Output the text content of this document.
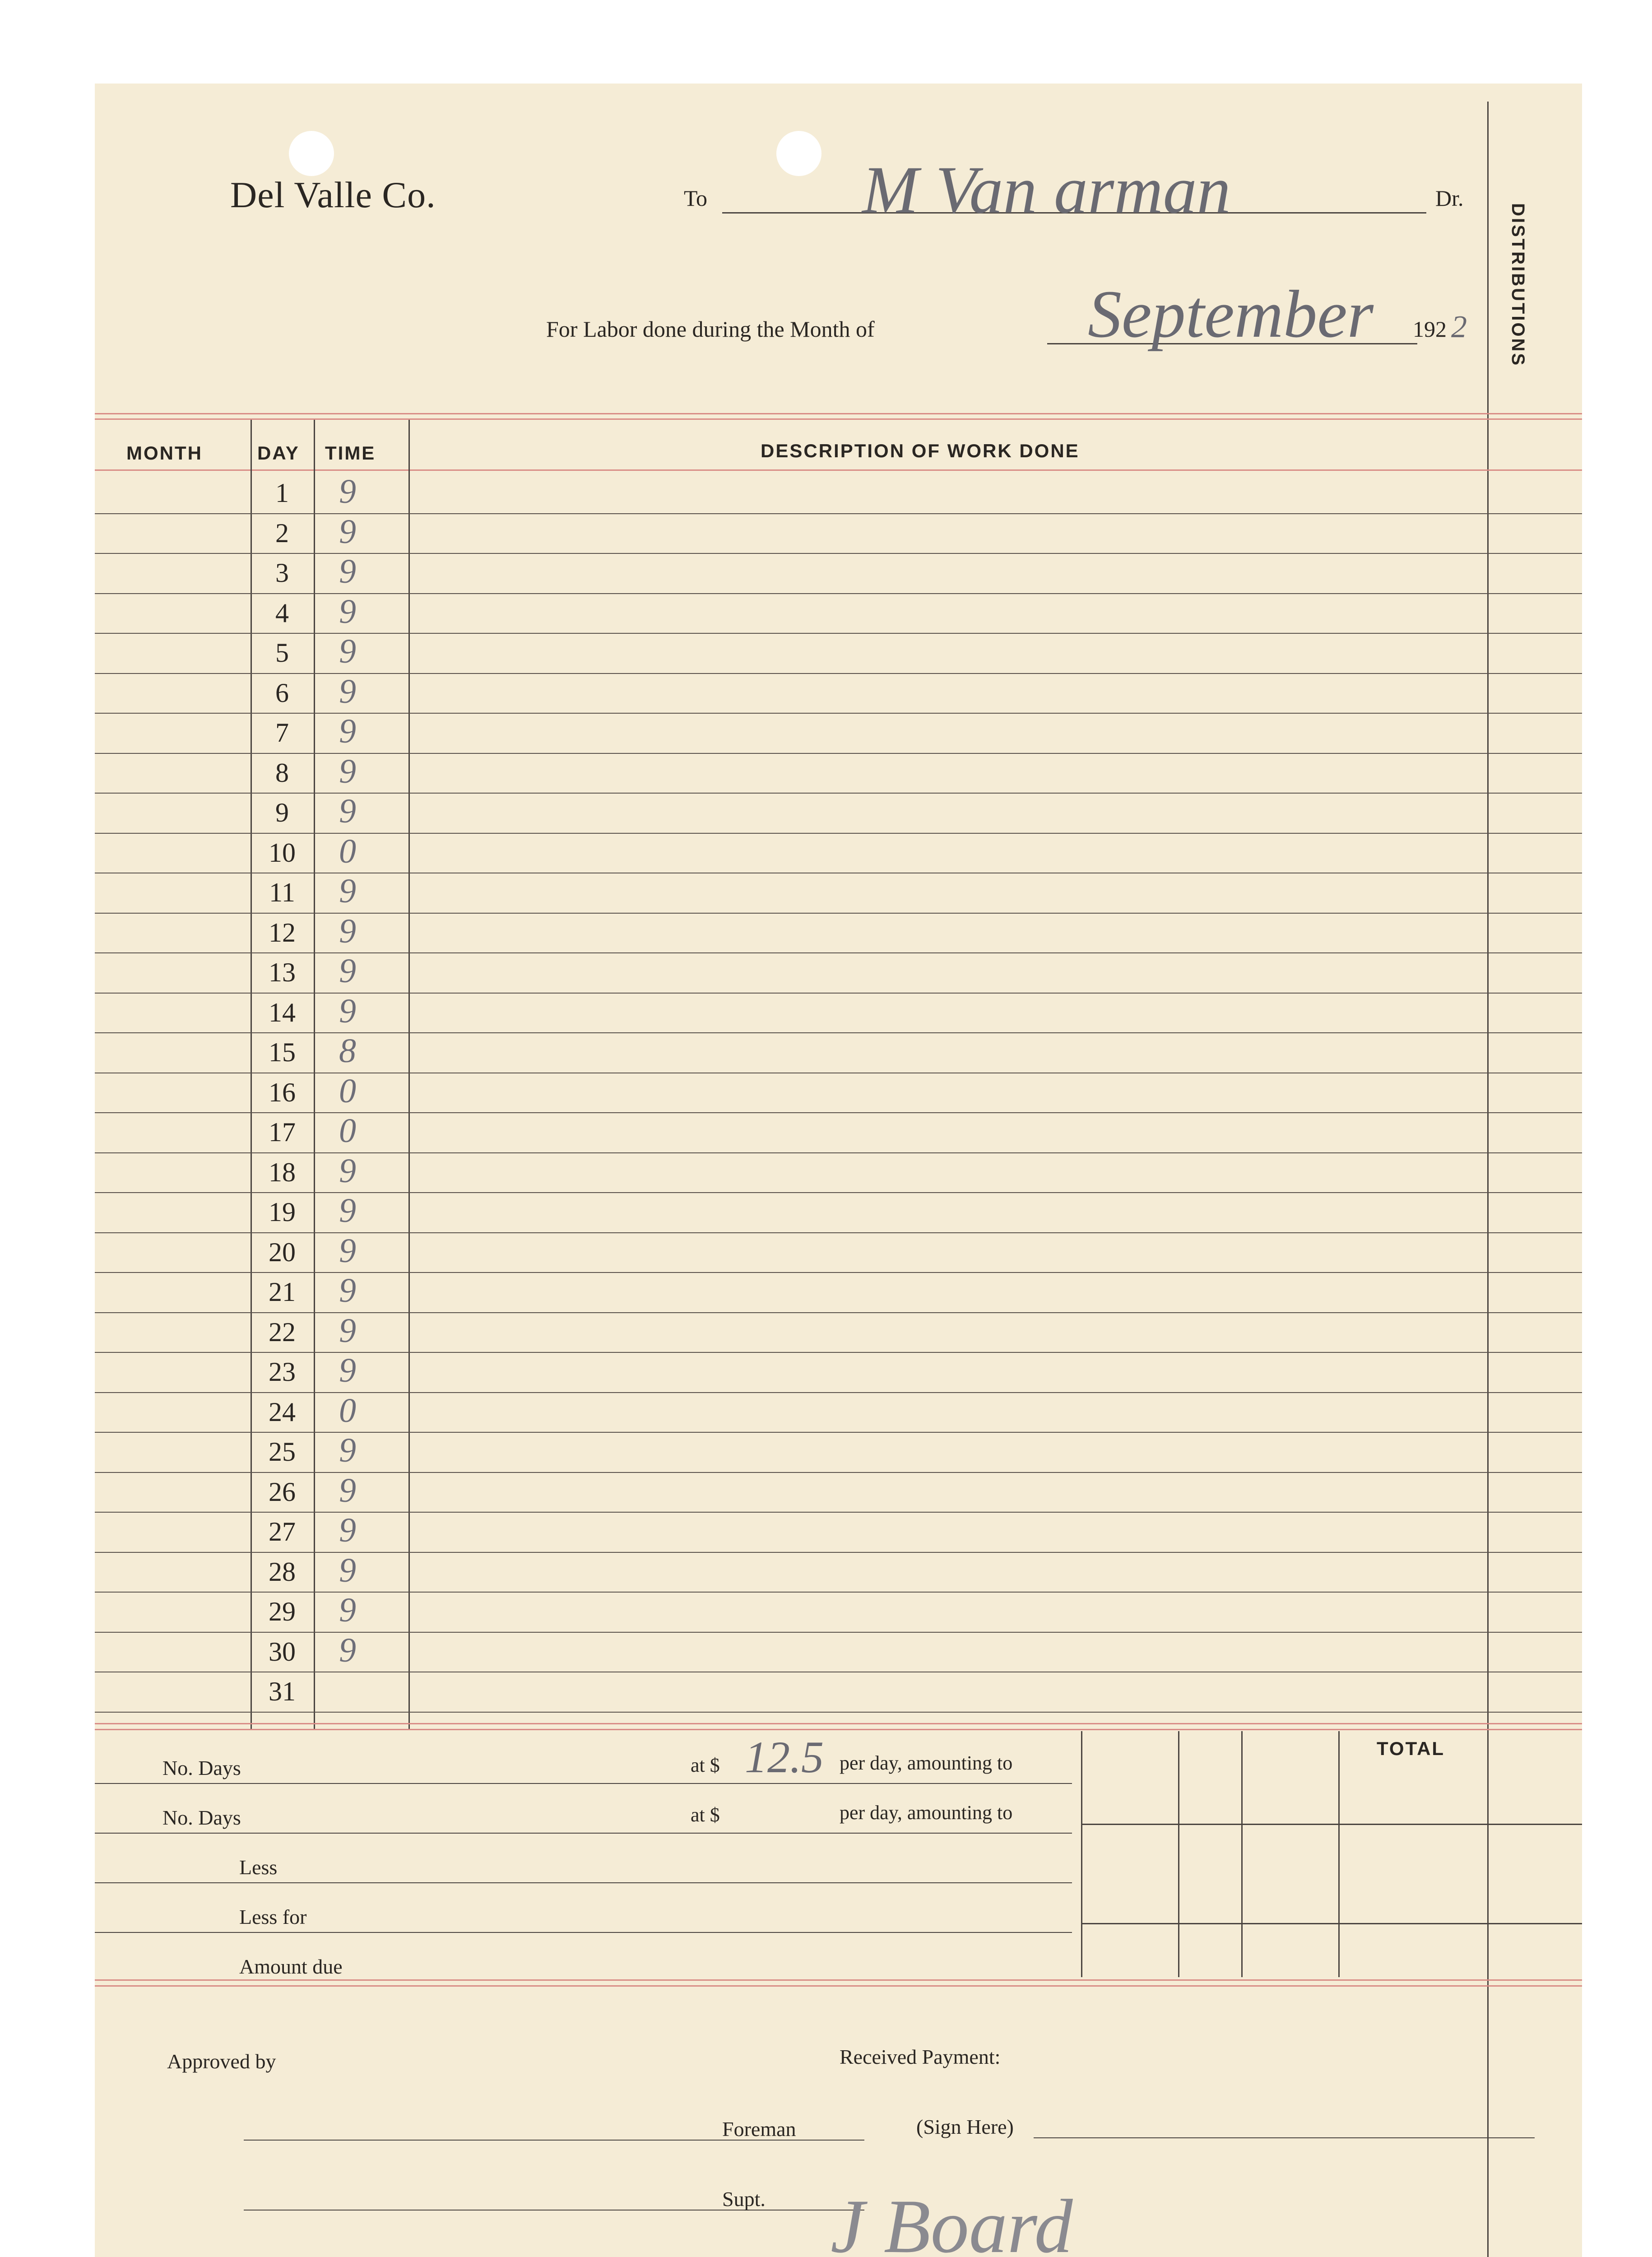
Del Valle Co.	To M Van arman	Dr.
For Labor done during the Month of	September 192 2 DISTRIBUTIONS
MONTH	DAY TIME	DESCRIPTION OF WORK DONE
1	9
2	9
3	9
4	9
5	9
6	9
7	9
8	9
9	9
10	0
11	9
12	9
13	9
14	9
15	8
16	0
17	0
18	9
19	9
20	9
21	9
22	9
23	9
24	0
25	9
26	9
27	9
28	9
29	9
30	9
31
TOTAL
No. Days	at $ 12.5 per day, amounting to
No. Days	at $	per day, amounting to
Less
Less for
Amount due
Approved by	Received Payment:
Foreman	(Sign Here)
Supt. J Board
